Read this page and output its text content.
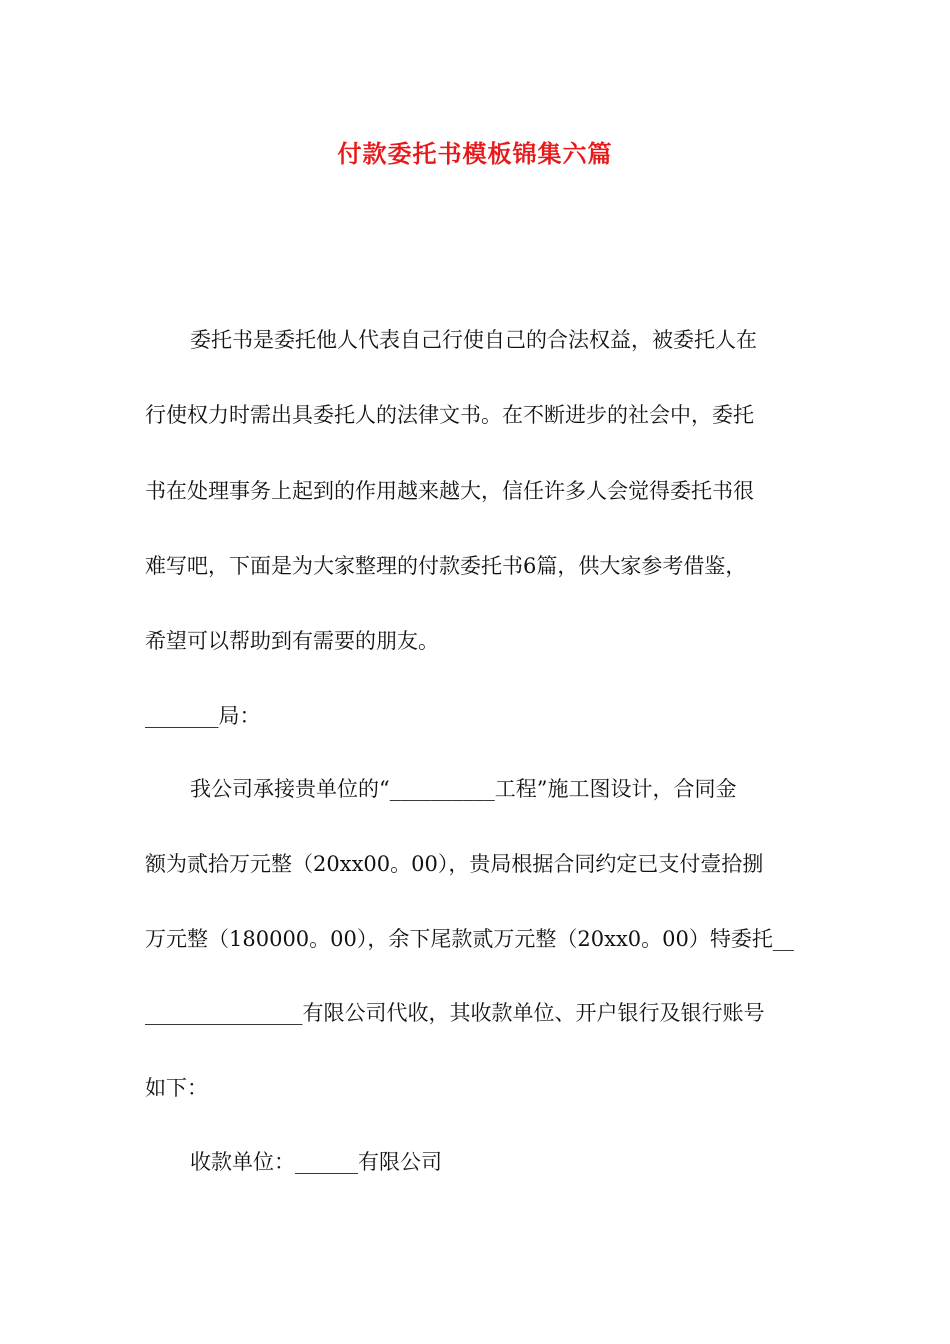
付款委托书模板锦集六篇
委托书是委托他人代表自己行使自己的合法权益，被委托人在
行使权力时需出具委托人的法律文书。在不断进步的社会中，委托
书在处理事务上起到的作用越来越大，信任许多人会觉得委托书很
难写吧，下面是为大家整理的付款委托书6篇，供大家参考借鉴，
希望可以帮助到有需要的朋友。
_______局：
我公司承接贵单位的“__________工程”施工图设计，合同金
额为贰拾万元整（20xx00。00），贵局根据合同约定已支付壹拾捌
万元整（180000。00），余下尾款贰万元整（20xx0。00）特委托__
_______________有限公司代收，其收款单位、开户银行及银行账号
如下：
收款单位：______有限公司
